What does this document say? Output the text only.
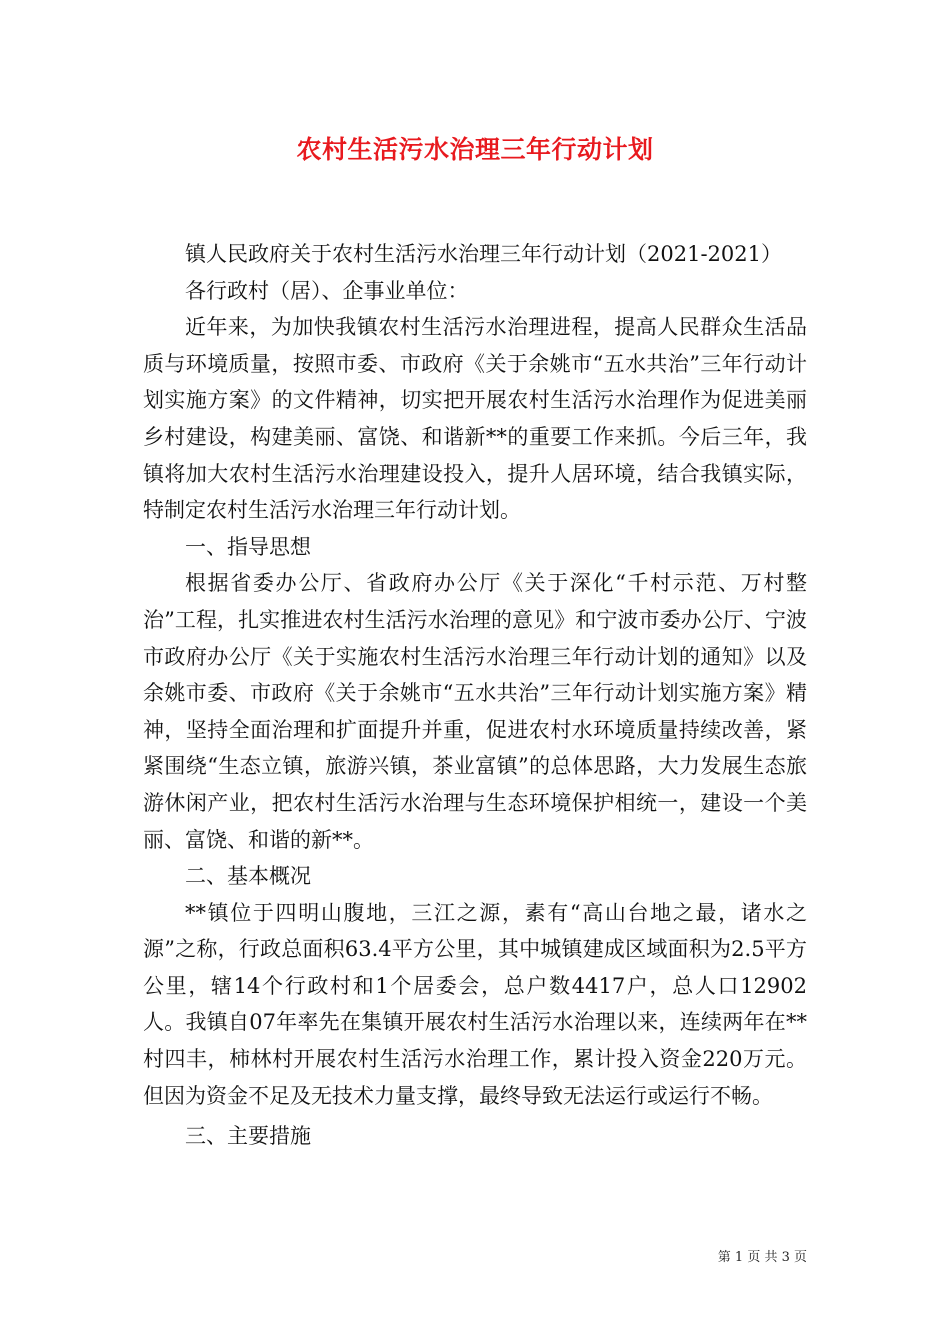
农村生活污水治理三年行动计划

镇人民政府关于农村生活污水治理三年行动计划（2021-2021）

各行政村（居）、企事业单位：

近年来，为加快我镇农村生活污水治理进程，提高人民群众生活品质与环境质量，按照市委、市政府《关于余姚市“五水共治”三年行动计划实施方案》的文件精神，切实把开展农村生活污水治理作为促进美丽乡村建设，构建美丽、富饶、和谐新**的重要工作来抓。今后三年，我镇将加大农村生活污水治理建设投入，提升人居环境，结合我镇实际，特制定农村生活污水治理三年行动计划。

一、指导思想

根据省委办公厅、省政府办公厅《关于深化“千村示范、万村整治”工程，扎实推进农村生活污水治理的意见》和宁波市委办公厅、宁波市政府办公厅《关于实施农村生活污水治理三年行动计划的通知》以及余姚市委、市政府《关于余姚市“五水共治”三年行动计划实施方案》精神，坚持全面治理和扩面提升并重，促进农村水环境质量持续改善，紧紧围绕“生态立镇，旅游兴镇，茶业富镇”的总体思路，大力发展生态旅游休闲产业，把农村生活污水治理与生态环境保护相统一，建设一个美丽、富饶、和谐的新**。

二、基本概况

**镇位于四明山腹地，三江之源，素有“高山台地之最，诸水之源”之称，行政总面积63.4平方公里，其中城镇建成区域面积为2.5平方公里，辖14个行政村和1个居委会，总户数4417户，总人口12902人。我镇自07年率先在集镇开展农村生活污水治理以来，连续两年在**村四丰，柿林村开展农村生活污水治理工作，累计投入资金220万元。但因为资金不足及无技术力量支撑，最终导致无法运行或运行不畅。

三、主要措施

第 1 页 共 3 页
